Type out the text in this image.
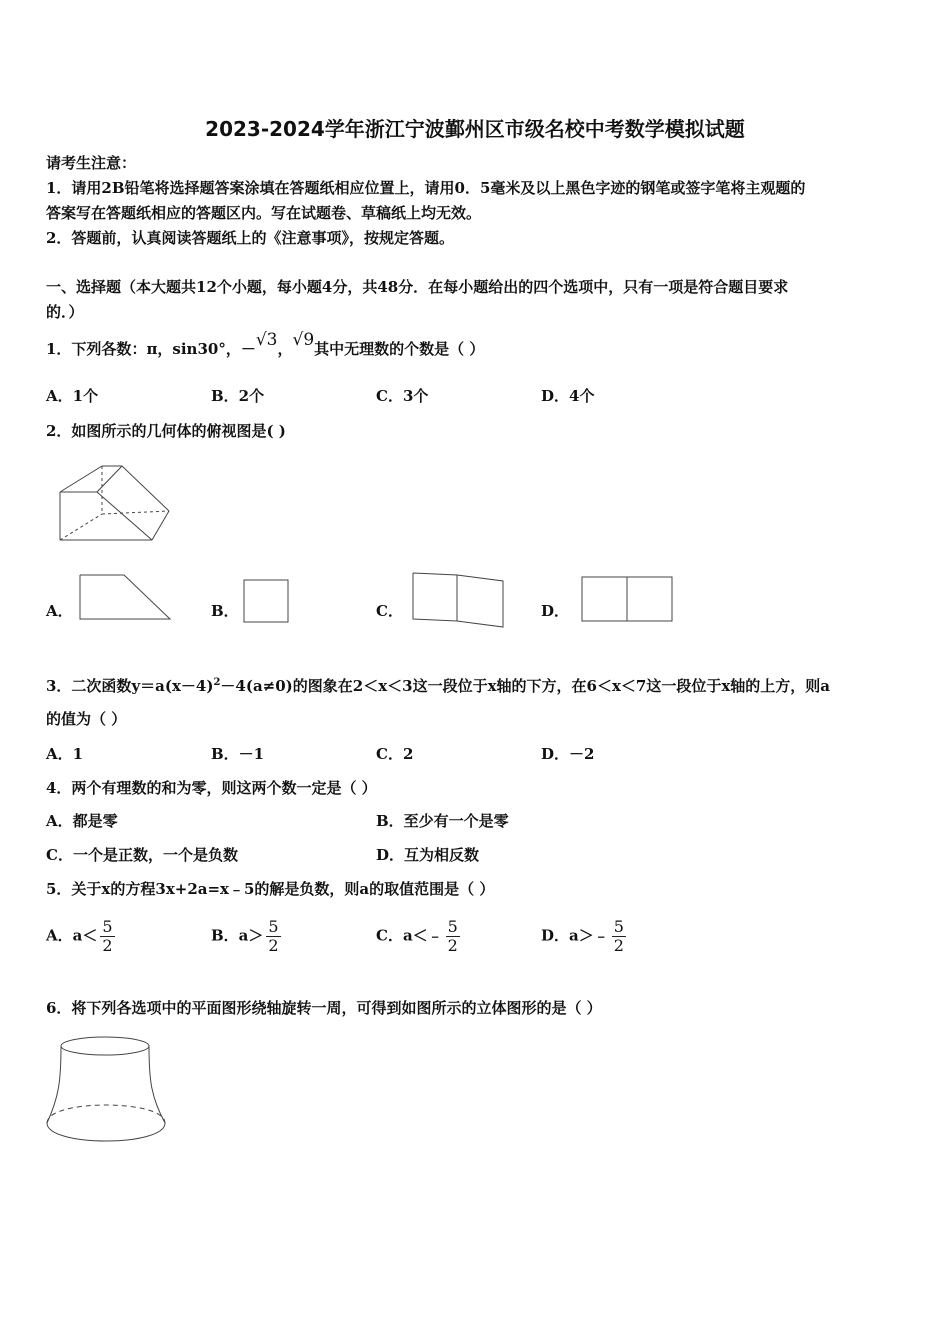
2023-2024学年浙江宁波鄞州区市级名校中考数学模拟试题
请考生注意：
1．请用2B铅笔将选择题答案涂填在答题纸相应位置上，请用0．5毫米及以上黑色字迹的钢笔或签字笔将主观题的
答案写在答题纸相应的答题区内。写在试题卷、草稿纸上均无效。
2．答题前，认真阅读答题纸上的《注意事项》，按规定答题。
一、选择题（本大题共12个小题，每小题4分，共48分．在每小题给出的四个选项中，只有一项是符合题目要求
的．）
1．下列各数：π，sin30°，－√3，√9其中无理数的个数是（ ）
A．1个	B．2个	C．3个	D．4个
2．如图所示的几何体的俯视图是( )
A．	B．	C．	D．
3．二次函数$y=a(x-4)^2-4(a\ne 0)$的图象在2＜x＜3这一段位于x轴的下方，在6＜x＜7这一段位于x轴的上方，则a
的值为（ ）
A．1	B．－1	C．2	D．－2
4．两个有理数的和为零，则这两个数一定是（ ）
A．都是零	B．至少有一个是零
C．一个是正数，一个是负数	D．互为相反数
5．关于x的方程3x+2a=x﹣5的解是负数，则a的取值范围是（ ）
A．$a< \frac{5}{2}$	B．$a> \frac{5}{2}$	C．a＜﹣ $\frac{5}{2}$	D．a＞﹣ $\frac{5}{2}$
6．将下列各选项中的平面图形绕轴旋转一周，可得到如图所示的立体图形的是（ ）
